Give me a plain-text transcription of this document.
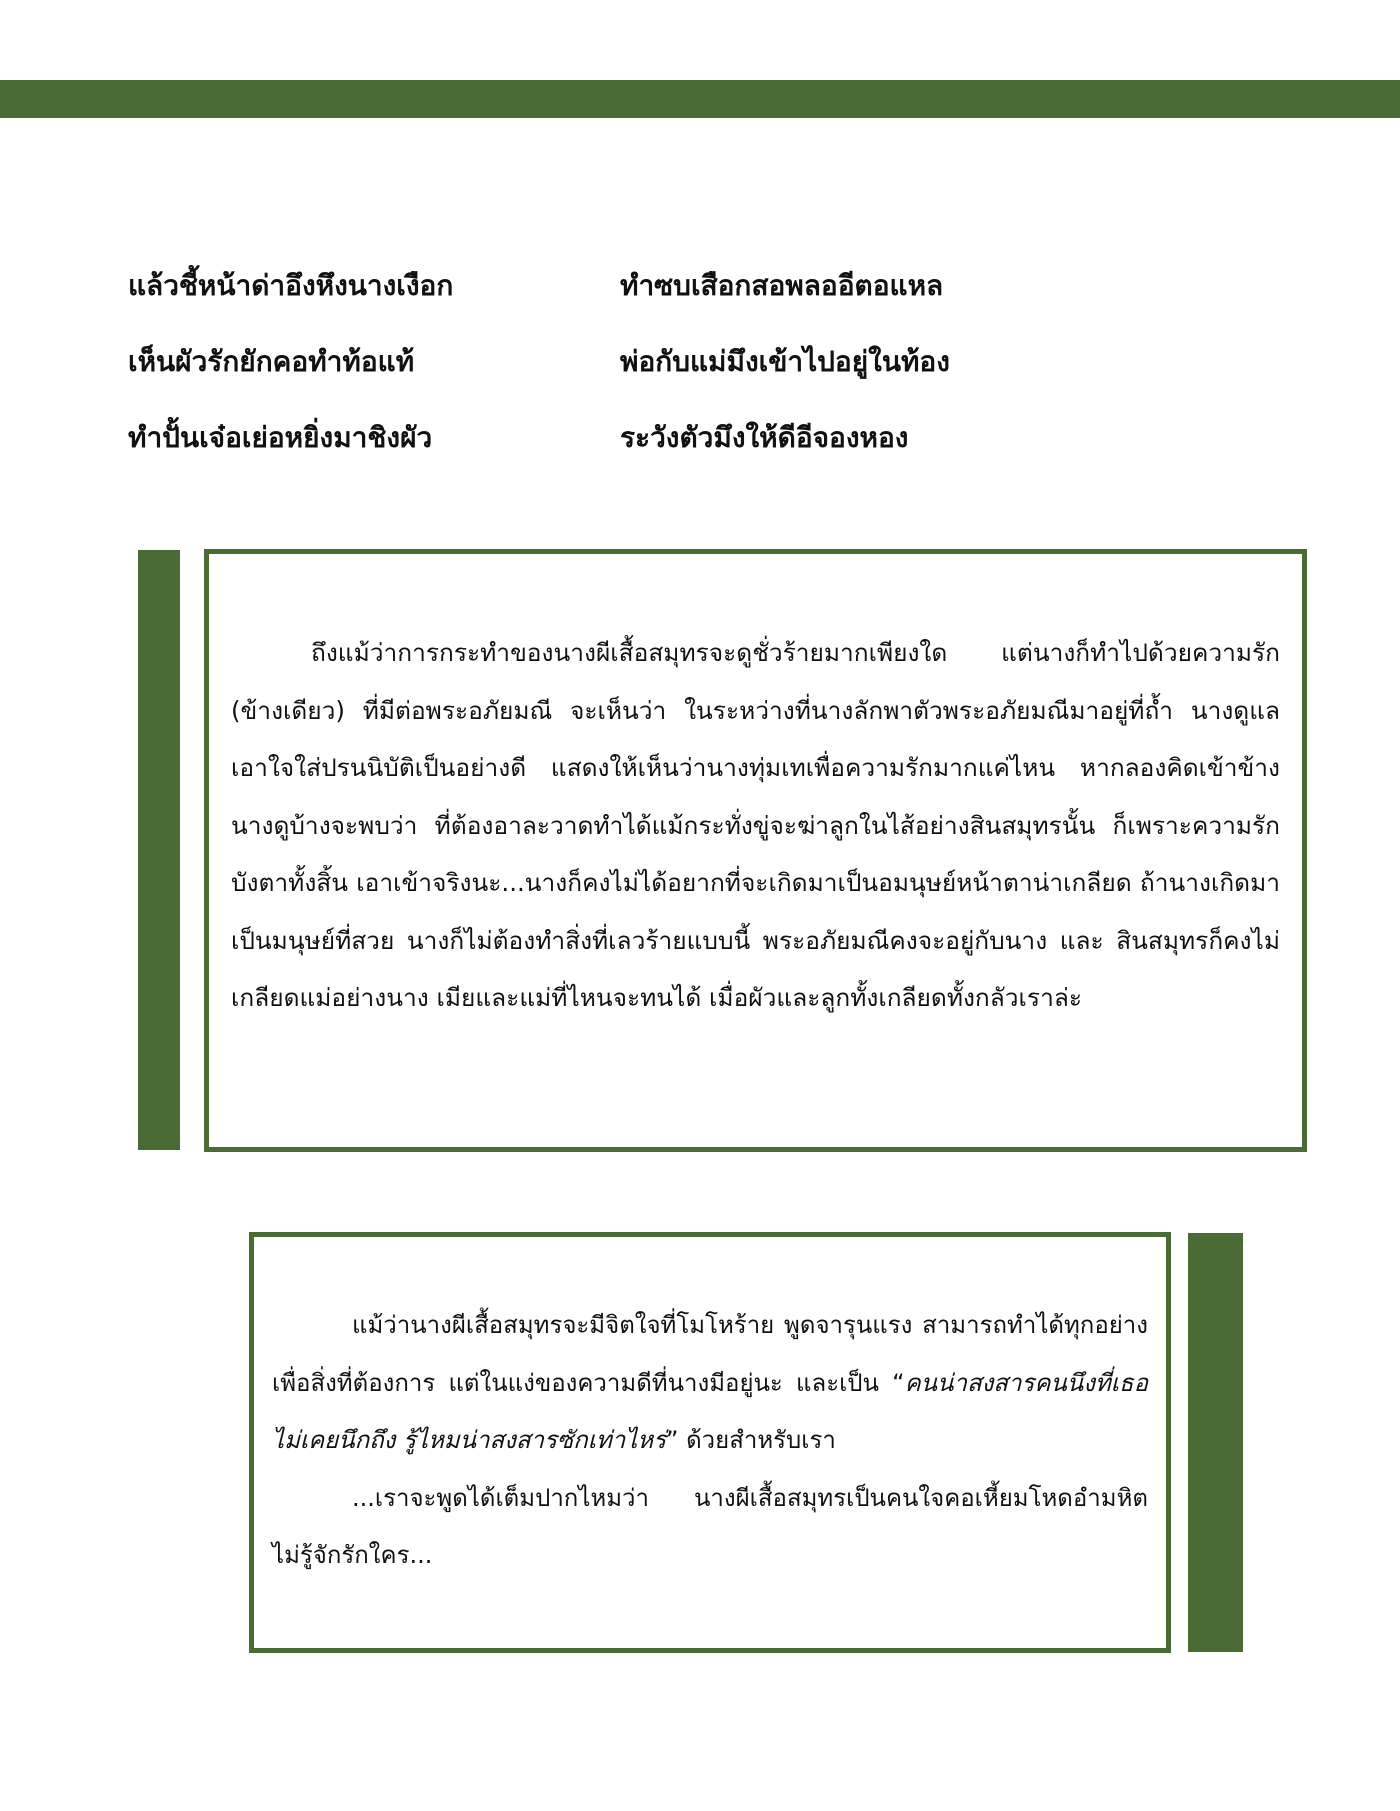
แล้วชี้หน้าด่าอึงหึงนางเงือก	ทำซบเสือกสอพลออีตอแหล
เห็นผัวรักยักคอทำท้อแท้	พ่อกับแม่มึงเข้าไปอยู่ในท้อง
ทำปั้นเจ๋อเย่อหยิ่งมาชิงผัว	ระวังตัวมึงให้ดีอีจองหอง

ถึงแม้ว่าการกระทำของนางผีเสื้อสมุทรจะดูชั่วร้ายมากเพียงใด แต่นางก็ทำไปด้วยความรัก (ข้างเดียว) ที่มีต่อพระอภัยมณี จะเห็นว่า ในระหว่างที่นางลักพาตัวพระอภัยมณีมาอยู่ที่ถ้ำ นางดูแลเอาใจใส่ปรนนิบัติเป็นอย่างดี แสดงให้เห็นว่านางทุ่มเทเพื่อความรักมากแค่ไหน หากลองคิดเข้าข้างนางดูบ้างจะพบว่า ที่ต้องอาละวาดทำได้แม้กระทั่งขู่จะฆ่าลูกในไส้อย่างสินสมุทรนั้น ก็เพราะความรักบังตาทั้งสิ้น เอาเข้าจริงนะ...นางก็คงไม่ได้อยากที่จะเกิดมาเป็นอมนุษย์หน้าตาน่าเกลียด ถ้านางเกิดมาเป็นมนุษย์ที่สวย นางก็ไม่ต้องทำสิ่งที่เลวร้ายแบบนี้ พระอภัยมณีคงจะอยู่กับนาง และ สินสมุทรก็คงไม่เกลียดแม่อย่างนาง เมียและแม่ที่ไหนจะทนได้ เมื่อผัวและลูกทั้งเกลียดทั้งกลัวเราล่ะ

แม้ว่านางผีเสื้อสมุทรจะมีจิตใจที่โมโหร้าย พูดจารุนแรง สามารถทำได้ทุกอย่างเพื่อสิ่งที่ต้องการ แต่ในแง่ของความดีที่นางมีอยู่นะ และเป็น “คนน่าสงสารคนนึงที่เธอไม่เคยนึกถึง รู้ไหมน่าสงสารซักเท่าไหร่” ด้วยสำหรับเรา

...เราจะพูดได้เต็มปากไหมว่า นางผีเสื้อสมุทรเป็นคนใจคอเหี้ยมโหดอำมหิต ไม่รู้จักรักใคร...
